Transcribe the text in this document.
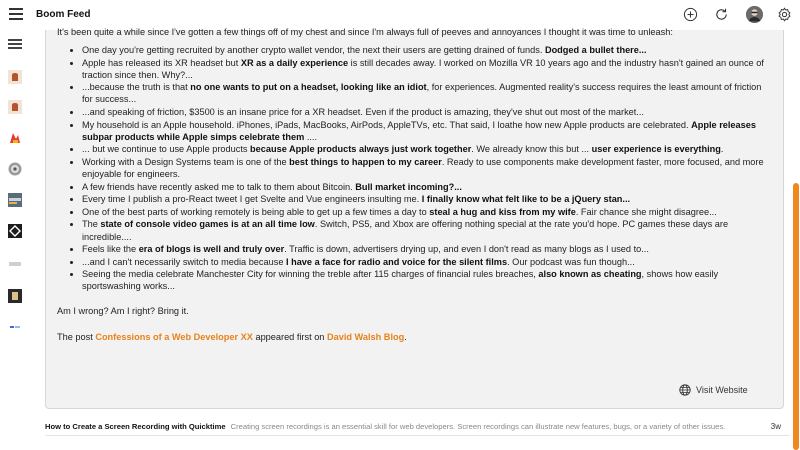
Boom Feed

It's been quite a while since I've gotten a few things off of my chest and since I'm always full of peeves and annoyances I thought it was time to unleash:

• One day you're getting recruited by another crypto wallet vendor, the next their users are getting drained of funds. Dodged a bullet there...
• Apple has released its XR headset but XR as a daily experience is still decades away. I worked on Mozilla VR 10 years ago and the industry hasn't gained an ounce of traction since then. Why?...
• ...because the truth is that no one wants to put on a headset, looking like an idiot, for experiences. Augmented reality's success requires the least amount of friction for success...
• ...and speaking of friction, $3500 is an insane price for a XR headset. Even if the product is amazing, they've shut out most of the market...
• My household is an Apple household. iPhones, iPads, MacBooks, AirPods, AppleTVs, etc. That said, I loathe how new Apple products are celebrated. Apple releases subpar products while Apple simps celebrate them ....
• ... but we continue to use Apple products because Apple products always just work together. We already know this but ... user experience is everything.
• Working with a Design Systems team is one of the best things to happen to my career. Ready to use components make development faster, more focused, and more enjoyable for engineers.
• A few friends have recently asked me to talk to them about Bitcoin. Bull market incoming?...
• Every time I publish a pro-React tweet I get Svelte and Vue engineers insulting me. I finally know what felt like to be a jQuery stan...
• One of the best parts of working remotely is being able to get up a few times a day to steal a hug and kiss from my wife. Fair chance she might disagree...
• The state of console video games is at an all time low. Switch, PS5, and Xbox are offering nothing special at the rate you'd hope. PC games these days are incredible....
• Feels like the era of blogs is well and truly over. Traffic is down, advertisers drying up, and even I don't read as many blogs as I used to...
• ...and I can't necessarily switch to media because I have a face for radio and voice for the silent films. Our podcast was fun though...
• Seeing the media celebrate Manchester City for winning the treble after 115 charges of financial rules breaches, also known as cheating, shows how easily sportswashing works...

Am I wrong? Am I right? Bring it.

The post Confessions of a Web Developer XX appeared first on David Walsh Blog.

Visit Website
How to Create a Screen Recording with Quicktime Creating screen recordings is an essential skill for web developers. Screen recordings can illustrate new features, bugs, or a variety of other issues.	3w
